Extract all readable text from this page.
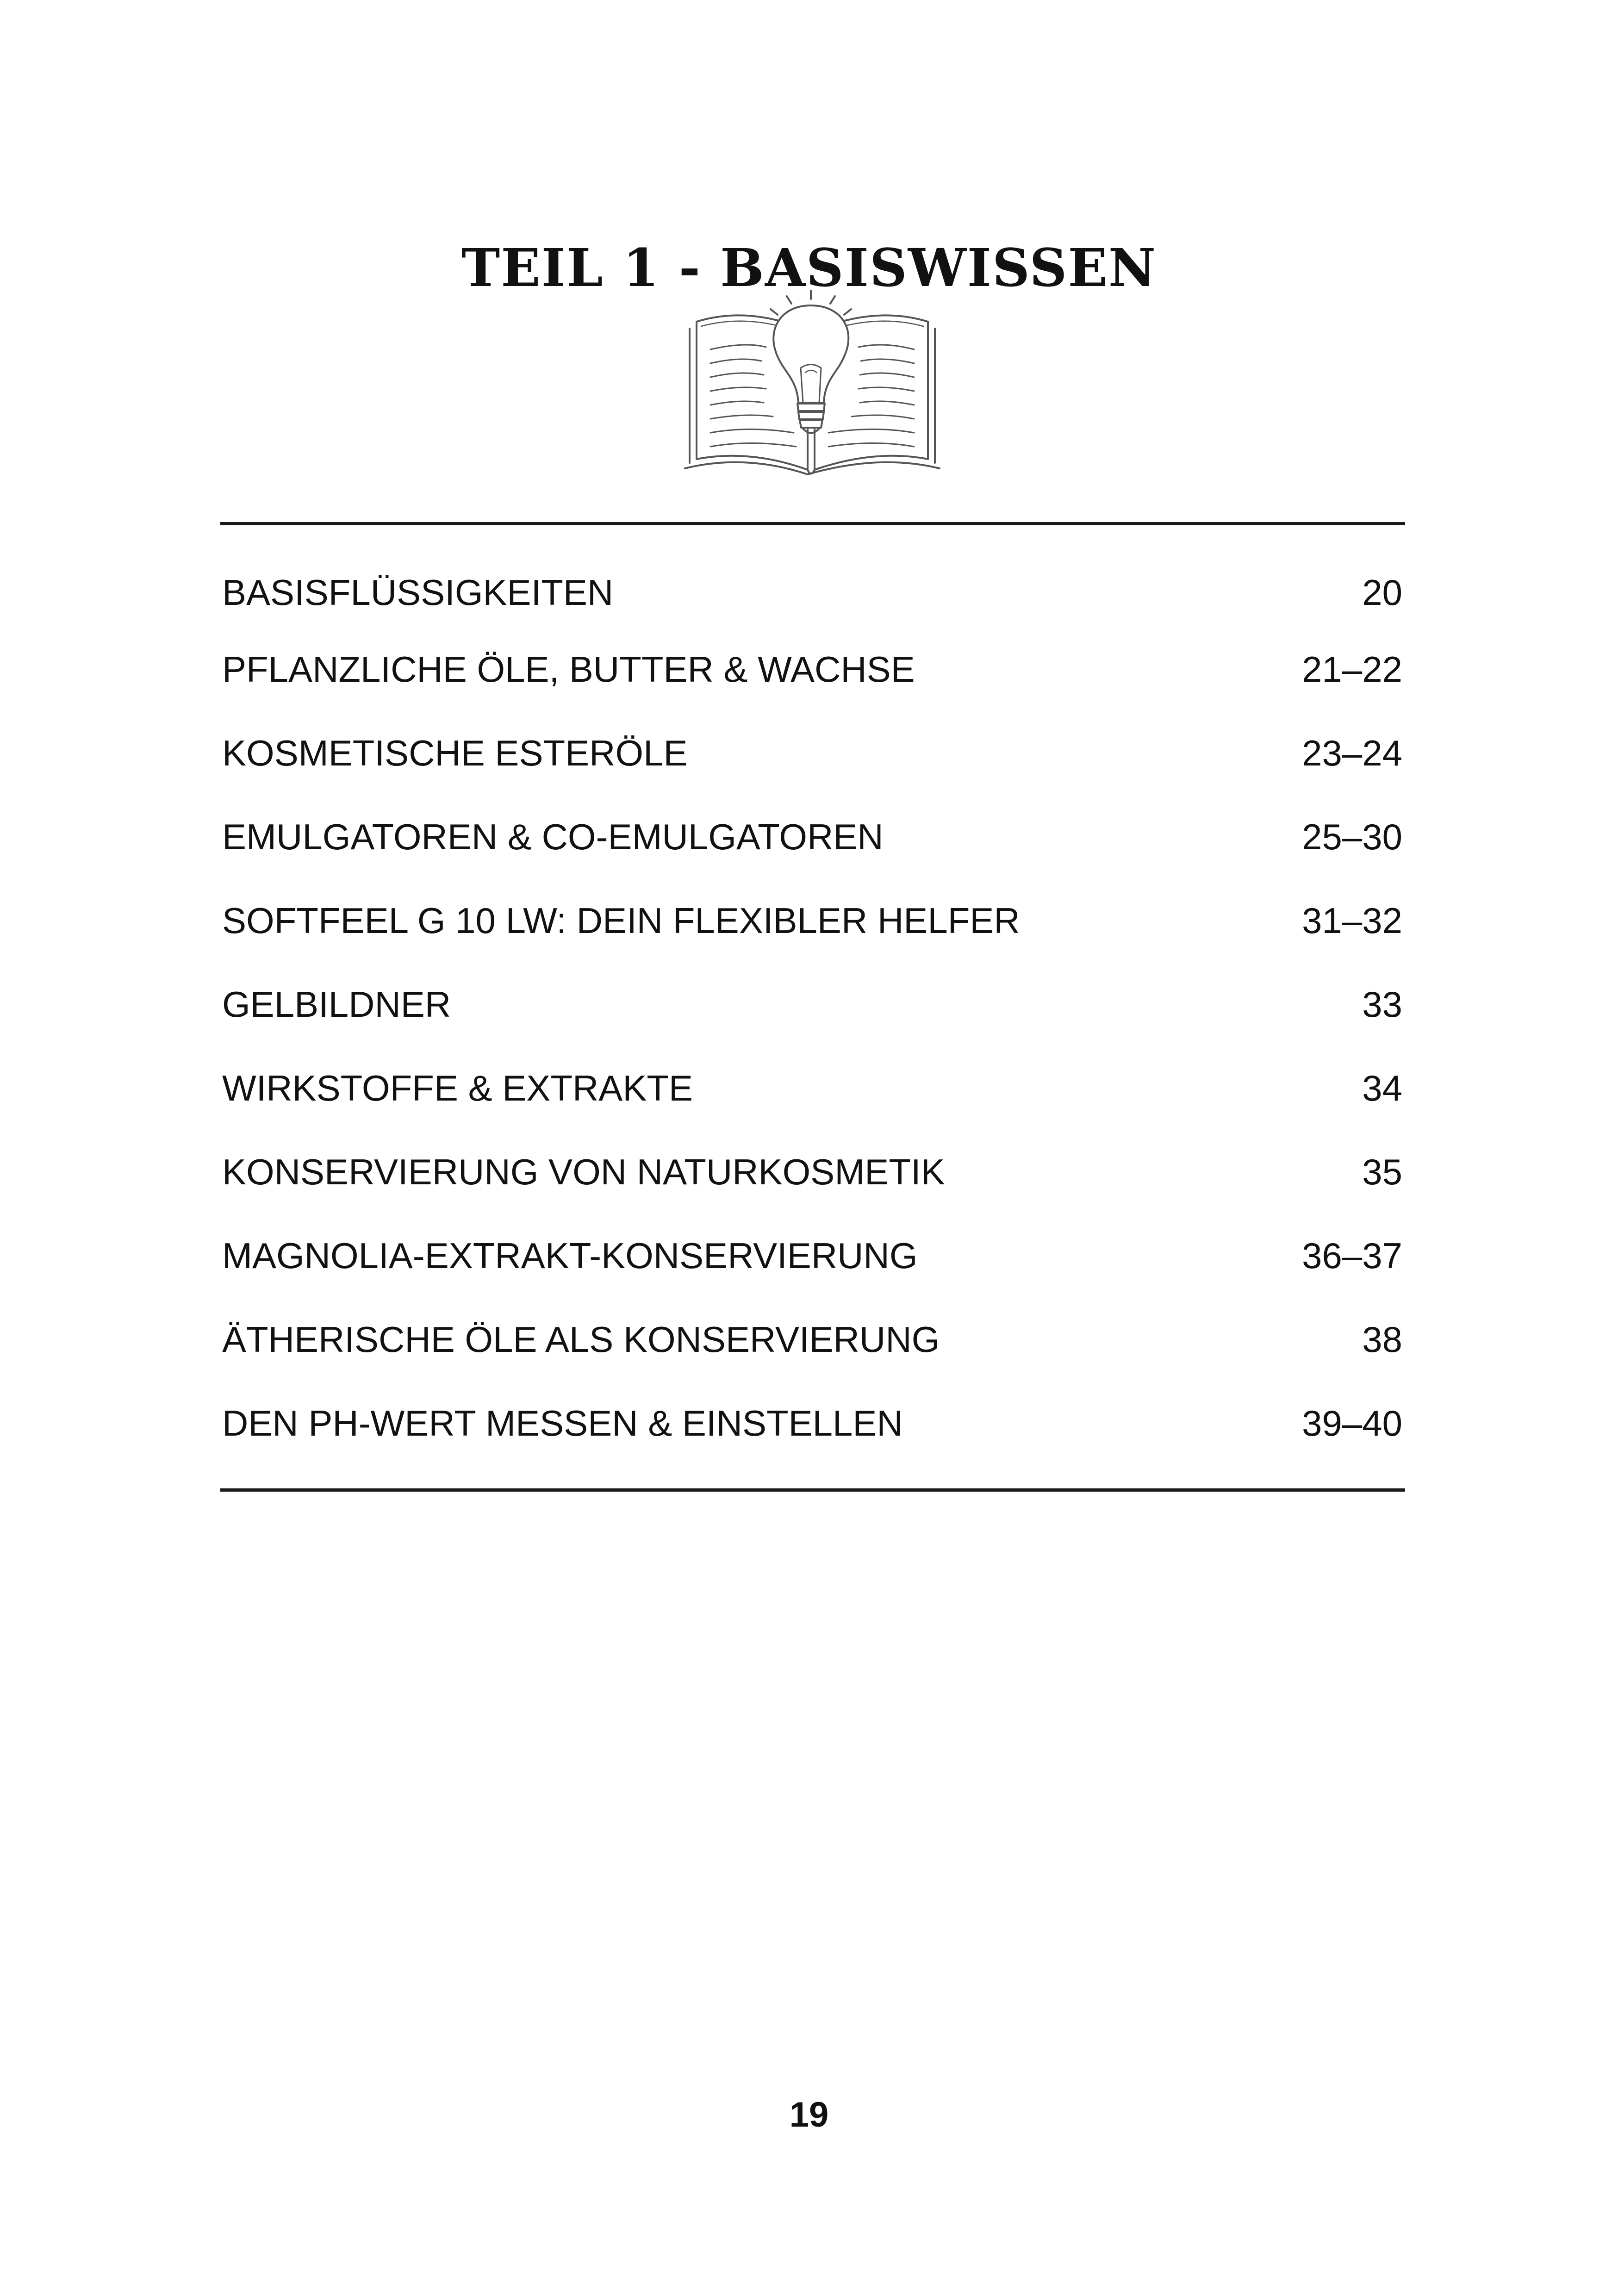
TEIL 1 - BASISWISSEN
BASISFLÜSSIGKEITEN	20
PFLANZLICHE ÖLE, BUTTER & WACHSE	21–22
KOSMETISCHE ESTERÖLE	23–24
EMULGATOREN & CO-EMULGATOREN	25–30
SOFTFEEL G 10 LW: DEIN FLEXIBLER HELFER	31–32
GELBILDNER	33
WIRKSTOFFE & EXTRAKTE	34
KONSERVIERUNG VON NATURKOSMETIK	35
MAGNOLIA-EXTRAKT-KONSERVIERUNG	36–37
ÄTHERISCHE ÖLE ALS KONSERVIERUNG	38
DEN PH-WERT MESSEN & EINSTELLEN	39–40
19
